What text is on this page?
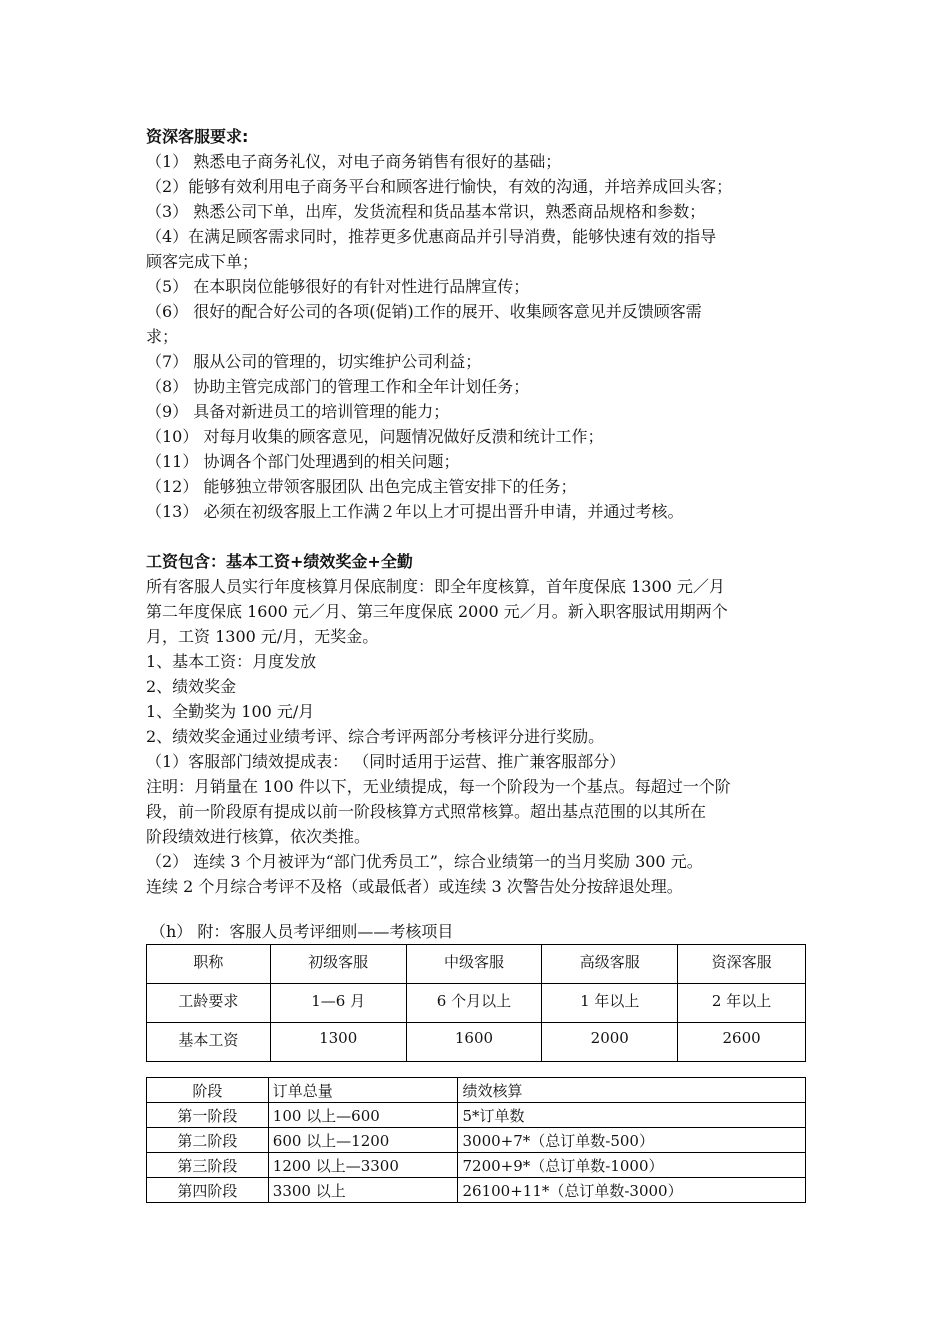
资深客服要求:
（1） 熟悉电子商务礼仪，对电子商务销售有很好的基础；
（2）能够有效利用电子商务平台和顾客进行愉快，有效的沟通，并培养成回头客；
（3） 熟悉公司下单，出库，发货流程和货品基本常识，熟悉商品规格和参数；
（4）在满足顾客需求同时，推荐更多优惠商品并引导消费，能够快速有效的指导
顾客完成下单；
（5） 在本职岗位能够很好的有针对性进行品牌宣传；
（6） 很好的配合好公司的各项(促销)工作的展开、收集顾客意见并反馈顾客需
求；
（7） 服从公司的管理的，切实维护公司利益；
（8） 协助主管完成部门的管理工作和全年计划任务；
（9） 具备对新进员工的培训管理的能力；
（10） 对每月收集的顾客意见，问题情况做好反溃和统计工作；
（11） 协调各个部门处理遇到的相关问题；
（12） 能够独立带领客服团队 出色完成主管安排下的任务；
（13） 必须在初级客服上工作满２年以上才可提出晋升申请，并通过考核。
工资包含：基本工资+绩效奖金+全勤
所有客服人员实行年度核算月保底制度：即全年度核算，首年度保底 1300 元／月
第二年度保底 1600 元／月、第三年度保底 2000 元／月。新入职客服试用期两个
月，工资 1300 元/月，无奖金。
1、基本工资：月度发放
2、绩效奖金
1、全勤奖为 100 元/月
2、绩效奖金通过业绩考评、综合考评两部分考核评分进行奖励。
（1）客服部门绩效提成表： （同时适用于运营、推广兼客服部分）
注明：月销量在 100 件以下，无业绩提成，每一个阶段为一个基点。每超过一个阶
段，前一阶段原有提成以前一阶段核算方式照常核算。超出基点范围的以其所在
阶段绩效进行核算，依次类推。
（2） 连续 3 个月被评为“部门优秀员工”，综合业绩第一的当月奖励 300 元。
连续 2 个月综合考评不及格（或最低者）或连续 3 次警告处分按辞退处理。
（h） 附：客服人员考评细则——考核项目
职称	初级客服	中级客服	高级客服	资深客服
工龄要求	1—6 月	6 个月以上	1 年以上	2 年以上
基本工资	1300	1600	2000	2600
阶段	订单总量	绩效核算
第一阶段	100 以上—600	5*订单数
第二阶段	600 以上—1200	3000+7*（总订单数-500）
第三阶段	1200 以上—3300	7200+9*（总订单数-1000）
第四阶段	3300 以上	26100+11*（总订单数-3000）
